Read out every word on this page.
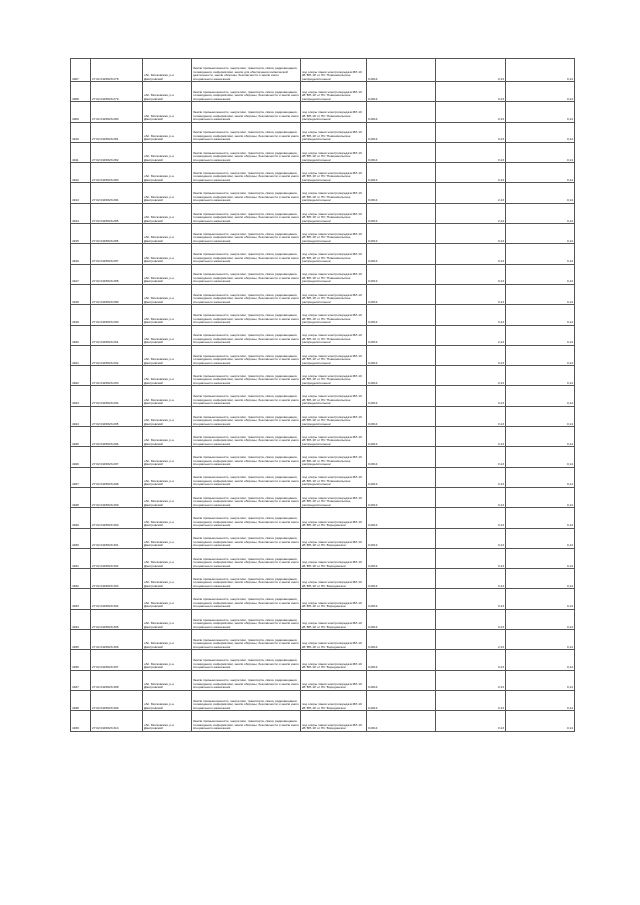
4907	27:02:0115823:278	обл. Московская, р-н Дмитровский	Земли промышленности, энергетики, транспорта, связи, радиовещания, телевидения, информатики, земли для обеспечения космической деятельности, земли обороны, безопасности и земли иного специального назначения	под опоры линии электропередачи ВЛ-10 кВ 'ВН-10' от ПС 'Новоникольское распределительное'	0,0014	0,13	0,14
4908	27:02:0115823:279	обл. Московская, р-н Дмитровский	Земли промышленности, энергетики, транспорта, связи, радиовещания, телевидения, информатики, земли обороны, безопасности и земли иного специального назначения	под опоры линии электропередачи ВЛ-10 кВ 'ВН-10' от ПС 'Новоникольское распределительное'	0,0014	0,13	0,14
4909	27:02:0115823:280	обл. Московская, р-н Дмитровский	Земли промышленности, энергетики, транспорта, связи, радиовещания, телевидения, информатики, земли обороны, безопасности и земли иного специального назначения	под опоры линии электропередачи ВЛ-10 кВ 'ВН-10' от ПС 'Новоникольское распределительное'	0,0014	0,13	0,14
4910	27:02:0115823:281	обл. Московская, р-н Дмитровский	Земли промышленности, энергетики, транспорта, связи, радиовещания, телевидения, информатики, земли обороны, безопасности и земли иного специального назначения	под опоры линии электропередачи ВЛ-10 кВ 'ВН-10' от ПС 'Новоникольское распределительное'	0,0014	0,13	0,14
4911	27:02:0115823:282	обл. Московская, р-н Дмитровский	Земли промышленности, энергетики, транспорта, связи, радиовещания, телевидения, информатики, земли обороны, безопасности и земли иного специального назначения	под опоры линии электропередачи ВЛ-10 кВ 'ВН-10' от ПС 'Новоникольское распределительное'	0,0014	0,13	0,14
4912	27:02:0115823:283	обл. Московская, р-н Дмитровский	Земли промышленности, энергетики, транспорта, связи, радиовещания, телевидения, информатики, земли обороны, безопасности и земли иного специального назначения	под опоры линии электропередачи ВЛ-10 кВ 'ВН-10' от ПС 'Новоникольское распределительное'	0,0014	0,13	0,14
4913	27:02:0115823:284	обл. Московская, р-н Дмитровский	Земли промышленности, энергетики, транспорта, связи, радиовещания, телевидения, информатики, земли обороны, безопасности и земли иного специального назначения	под опоры линии электропередачи ВЛ-10 кВ 'ВН-10' от ПС 'Новоникольское распределительное'	0,0014	2,13	0,14
4914	27:02:0115823:285	обл. Московская, р-н Дмитровский	Земли промышленности, энергетики, транспорта, связи, радиовещания, телевидения, информатики, земли обороны, безопасности и земли иного специального назначения	под опоры линии электропередачи ВЛ-10 кВ 'ВН-10' от ПС 'Новоникольское распределительное'	0,0014	2,13	0,14
4915	27:02:0115823:286	обл. Московская, р-н Дмитровский	Земли промышленности, энергетики, транспорта, связи, радиовещания, телевидения, информатики, земли обороны, безопасности и земли иного специального назначения	под опоры линии электропередачи ВЛ-10 кВ 'ВН-10' от ПС 'Новоникольское распределительное'	0,0014	0,13	0,14
4916	27:02:0115823:287	обл. Московская, р-н Дмитровский	Земли промышленности, энергетики, транспорта, связи, радиовещания, телевидения, информатики, земли обороны, безопасности и земли иного специального назначения	под опоры линии электропередачи ВЛ-10 кВ 'ВН-10' от ПС 'Новоникольское распределительное'	0,0014	0,13	0,14
4917	27:02:0115823:288	обл. Московская, р-н Дмитровский	Земли промышленности, энергетики, транспорта, связи, радиовещания, телевидения, информатики, земли обороны, безопасности и земли иного специального назначения	под опоры линии электропередачи ВЛ-10 кВ 'ВН-10' от ПС 'Новоникольское распределительное'	0,0014	0,13	0,14
4918	27:02:0115823:289	обл. Московская, р-н Дмитровский	Земли промышленности, энергетики, транспорта, связи, радиовещания, телевидения, информатики, земли обороны, безопасности и земли иного специального назначения	под опоры линии электропередачи ВЛ-10 кВ 'ВН-10' от ПС 'Новоникольское распределительное'	0,0014	0,13	0,14
4919	27:02:0115823:290	обл. Московская, р-н Дмитровский	Земли промышленности, энергетики, транспорта, связи, радиовещания, телевидения, информатики, земли обороны, безопасности и земли иного специального назначения	под опоры линии электропередачи ВЛ-10 кВ 'ВН-10' от ПС 'Новоникольское распределительное'	0,0014	0,13	0,14
4920	27:02:0115823:291	обл. Московская, р-н Дмитровский	Земли промышленности, энергетики, транспорта, связи, радиовещания, телевидения, информатики, земли обороны, безопасности и земли иного специального назначения	под опоры линии электропередачи ВЛ-10 кВ 'ВН-10' от ПС 'Новоникольское распределительное'	0,0014	2,13	0,14
4921	27:02:0115823:292	обл. Московская, р-н Дмитровский	Земли промышленности, энергетики, транспорта, связи, радиовещания, телевидения, информатики, земли обороны, безопасности и земли иного специального назначения	под опоры линии электропередачи ВЛ-10 кВ 'ВН-10' от ПС 'Новоникольское распределительное'	0,0014	0,13	0,14
4922	27:02:0115823:293	обл. Московская, р-н Дмитровский	Земли промышленности, энергетики, транспорта, связи, радиовещания, телевидения, информатики, земли обороны, безопасности и земли иного специального назначения	под опоры линии электропередачи ВЛ-10 кВ 'ВН-10' от ПС 'Новоникольское распределительное'	0,0014	0,13	0,14
4923	27:02:0115823:294	обл. Московская, р-н Дмитровский	Земли промышленности, энергетики, транспорта, связи, радиовещания, телевидения, информатики, земли обороны, безопасности и земли иного специального назначения	под опоры линии электропередачи ВЛ-10 кВ 'ВН-10' от ПС 'Новоникольское распределительное'	0,0014	0,13	0,14
4924	27:02:0115823:295	обл. Московская, р-н Дмитровский	Земли промышленности, энергетики, транспорта, связи, радиовещания, телевидения, информатики, земли обороны, безопасности и земли иного специального назначения	под опоры линии электропередачи ВЛ-10 кВ 'ВН-10' от ПС 'Новоникольское распределительное'	0,0014	0,13	0,14
4925	27:02:0115823:296	обл. Московская, р-н Дмитровский	Земли промышленности, энергетики, транспорта, связи, радиовещания, телевидения, информатики, земли обороны, безопасности и земли иного специального назначения	под опоры линии электропередачи ВЛ-10 кВ 'ВН-10' от ПС 'Новоникольское распределительное'	0,0014	0,13	0,14
4926	27:02:0115823:297	обл. Московская, р-н Дмитровский	Земли промышленности, энергетики, транспорта, связи, радиовещания, телевидения, информатики, земли обороны, безопасности и земли иного специального назначения	под опоры линии электропередачи ВЛ-10 кВ 'ВН-10' от ПС 'Новоникольское распределительное'	0,0014	0,13	0,14
4927	27:02:0115823:298	обл. Московская, р-н Дмитровский	Земли промышленности, энергетики, транспорта, связи, радиовещания, телевидения, информатики, земли обороны, безопасности и земли иного специального назначения	под опоры линии электропередачи ВЛ-10 кВ 'ВН-10' от ПС 'Новоникольское распределительное'	0,0014	0,13	0,14
4928	27:02:0115823:299	обл. Московская, р-н Дмитровский	Земли промышленности, энергетики, транспорта, связи, радиовещания, телевидения, информатики, земли обороны, безопасности и земли иного специального назначения	под опоры линии электропередачи ВЛ-10 кВ 'ВН-10' от ПС 'Новоникольское распределительное'	0,0014	0,13	0,14
4929	27:02:0115823:300	обл. Московская, р-н Дмитровский	Земли промышленности, энергетики, транспорта, связи, радиовещания, телевидения, информатики, земли обороны, безопасности и земли иного специального назначения	под опоры линии электропередачи ВЛ-10 кВ 'ВН-10' от ПС 'Бородинское'	0,0014	0,13	0,14
4930	27:02:0115823:301	обл. Московская, р-н Дмитровский	Земли промышленности, энергетики, транспорта, связи, радиовещания, телевидения, информатики, земли обороны, безопасности и земли иного специального назначения	под опоры линии электропередачи ВЛ-10 кВ 'ВН-10' от ПС 'Бородинское'	0,0014	0,13	0,14
4931	27:02:0115823:302	обл. Московская, р-н Дмитровский	Земли промышленности, энергетики, транспорта, связи, радиовещания, телевидения, информатики, земли обороны, безопасности и земли иного специального назначения	под опоры линии электропередачи ВЛ-10 кВ 'ВН-10' от ПС 'Бородинское'	0,0014	0,13	0,14
4932	27:02:0115823:303	обл. Московская, р-н Дмитровский	Земли промышленности, энергетики, транспорта, связи, радиовещания, телевидения, информатики, земли обороны, безопасности и земли иного специального назначения	под опоры линии электропередачи ВЛ-10 кВ 'ВН-10' от ПС 'Бородинское'	0,0014	0,13	0,14
4933	27:02:0115823:304	обл. Московская, р-н Дмитровский	Земли промышленности, энергетики, транспорта, связи, радиовещания, телевидения, информатики, земли обороны, безопасности и земли иного специального назначения	под опоры линии электропередачи ВЛ-10 кВ 'ВН-10' от ПС 'Бородинское'	0,0014	0,13	0,14
4934	27:02:0115823:305	обл. Московская, р-н Дмитровский	Земли промышленности, энергетики, транспорта, связи, радиовещания, телевидения, информатики, земли обороны, безопасности и земли иного специального назначения	под опоры линии электропередачи ВЛ-10 кВ 'ВН-10' от ПС 'Бородинское'	0,0014	0,13	0,14
4935	27:02:0115823:306	обл. Московская, р-н Дмитровский	Земли промышленности, энергетики, транспорта, связи, радиовещания, телевидения, информатики, земли обороны, безопасности и земли иного специального назначения	под опоры линии электропередачи ВЛ-10 кВ 'ВН-10' от ПС 'Бородинское'	0,0014	2,13	0,14
4936	27:02:0115823:307	обл. Московская, р-н Дмитровский	Земли промышленности, энергетики, транспорта, связи, радиовещания, телевидения, информатики, земли обороны, безопасности и земли иного специального назначения	под опоры линии электропередачи ВЛ-10 кВ 'ВН-10' от ПС 'Бородинское'	0,0014	0,13	0,14
4937	27:02:0115823:308	обл. Московская, р-н Дмитровский	Земли промышленности, энергетики, транспорта, связи, радиовещания, телевидения, информатики, земли обороны, безопасности и земли иного специального назначения	под опоры линии электропередачи ВЛ-10 кВ 'ВН-10' от ПС 'Бородинское'	0,0014	0,13	0,14
4938	27:02:0115823:309	обл. Московская, р-н Дмитровский	Земли промышленности, энергетики, транспорта, связи, радиовещания, телевидения, информатики, земли обороны, безопасности и земли иного специального назначения	под опоры линии электропередачи ВЛ-10 кВ 'ВН-10' от ПС 'Бородинское'	0,0014	0,13	0,14
4939	27:02:0115823:310	обл. Московская, р-н Дмитровский	Земли промышленности, энергетики, транспорта, связи, радиовещания, телевидения, информатики, земли обороны, безопасности и земли иного специального назначения	под опоры линии электропередачи ВЛ-10 кВ 'ВН-10' от ПС 'Бородинское'	0,0014	0,13	0,14
